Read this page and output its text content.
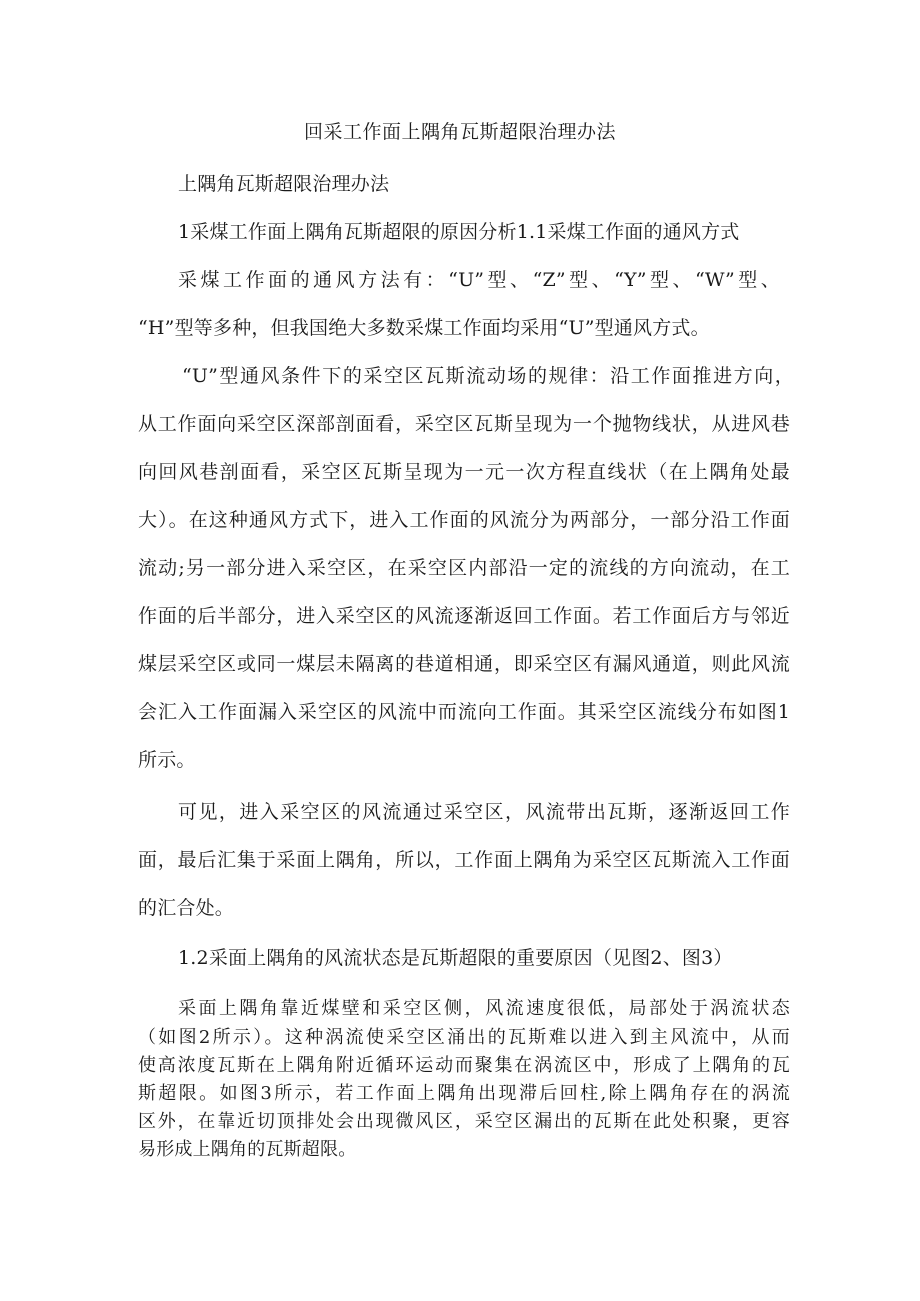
回采工作面上隅角瓦斯超限治理办法
上隅角瓦斯超限治理办法
1采煤工作面上隅角瓦斯超限的原因分析1.1采煤工作面的通风方式
采煤工作面的通风方法有：“U”型、“Z”型、“Y”型、“W”型、
“H”型等多种，但我国绝大多数采煤工作面均采用“U”型通风方式。
“U”型通风条件下的采空区瓦斯流动场的规律：沿工作面推进方向，
从工作面向采空区深部剖面看，采空区瓦斯呈现为一个抛物线状，从进风巷
向回风巷剖面看，采空区瓦斯呈现为一元一次方程直线状（在上隅角处最
大）。在这种通风方式下，进入工作面的风流分为两部分，一部分沿工作面
流动;另一部分进入采空区，在采空区内部沿一定的流线的方向流动，在工
作面的后半部分，进入采空区的风流逐渐返回工作面。若工作面后方与邻近
煤层采空区或同一煤层未隔离的巷道相通，即采空区有漏风通道，则此风流
会汇入工作面漏入采空区的风流中而流向工作面。其采空区流线分布如图1
所示。
可见，进入采空区的风流通过采空区，风流带出瓦斯，逐渐返回工作
面，最后汇集于采面上隅角，所以，工作面上隅角为采空区瓦斯流入工作面
的汇合处。
1.2采面上隅角的风流状态是瓦斯超限的重要原因（见图2、图3）
采面上隅角靠近煤壁和采空区侧，风流速度很低，局部处于涡流状态
（如图2所示）。这种涡流使采空区涌出的瓦斯难以进入到主风流中，从而
使高浓度瓦斯在上隅角附近循环运动而聚集在涡流区中，形成了上隅角的瓦
斯超限。如图3所示，若工作面上隅角出现滞后回柱,除上隅角存在的涡流
区外，在靠近切顶排处会出现微风区，采空区漏出的瓦斯在此处积聚，更容
易形成上隅角的瓦斯超限。
